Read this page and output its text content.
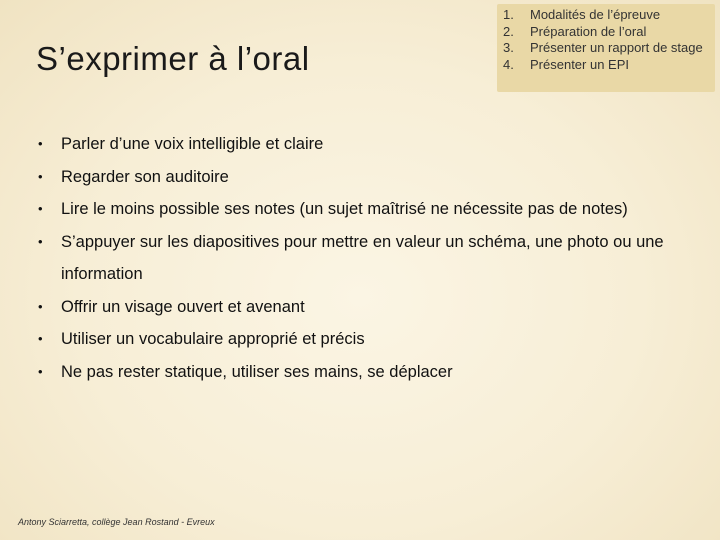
S’exprimer à l’oral
1. Modalités de l’épreuve
2. Préparation de l’oral
3. Présenter un rapport de stage
4. Présenter un EPI
• Parler d’une voix intelligible et claire
• Regarder son auditoire
• Lire le moins possible ses notes (un sujet maîtrisé ne nécessite pas de notes)
• S’appuyer sur les diapositives pour mettre en valeur un schéma, une photo ou une information
• Offrir un visage ouvert et avenant
• Utiliser un vocabulaire approprié et précis
• Ne pas rester statique, utiliser ses mains, se déplacer
Antony Sciarretta, collège Jean Rostand - Evreux
